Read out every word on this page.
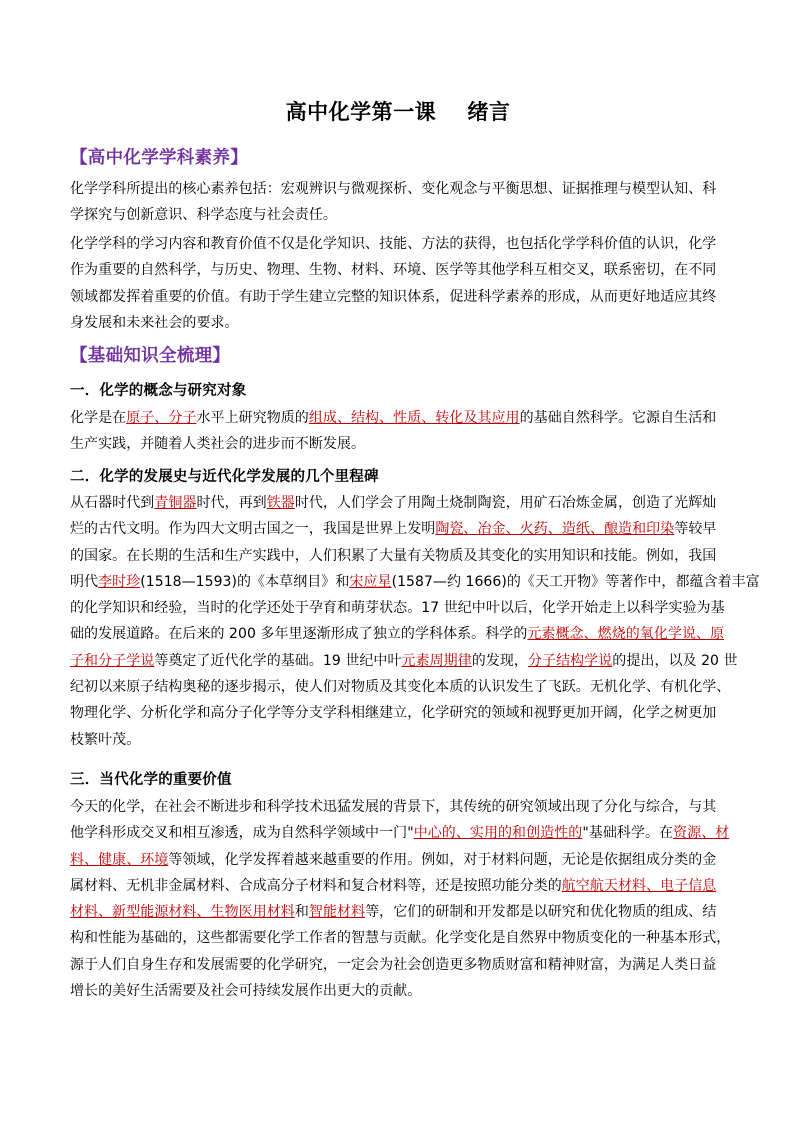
高中化学第一课    绪言
【高中化学学科素养】
化学学科所提出的核心素养包括：宏观辨识与微观探析、变化观念与平衡思想、证据推理与模型认知、科
学探究与创新意识、科学态度与社会责任。
化学学科的学习内容和教育价值不仅是化学知识、技能、方法的获得，也包括化学学科价值的认识，化学
作为重要的自然科学，与历史、物理、生物、材料、环境、医学等其他学科互相交叉，联系密切，在不同
领域都发挥着重要的价值。有助于学生建立完整的知识体系，促进科学素养的形成，从而更好地适应其终
身发展和未来社会的要求。
【基础知识全梳理】
一．化学的概念与研究对象
化学是在原子、分子水平上研究物质的组成、结构、性质、转化及其应用的基础自然科学。它源自生活和
生产实践，并随着人类社会的进步而不断发展。
二．化学的发展史与近代化学发展的几个里程碑
从石器时代到青铜器时代，再到铁器时代，人们学会了用陶土烧制陶瓷，用矿石冶炼金属，创造了光辉灿
烂的古代文明。作为四大文明古国之一，我国是世界上发明陶瓷、冶金、火药、造纸、酿造和印染等较早
的国家。在长期的生活和生产实践中，人们积累了大量有关物质及其变化的实用知识和技能。例如，我国
明代李时珍(1518—1593)的《本草纲目》和宋应星(1587—约 1666)的《天工开物》等著作中，都蕴含着丰富
的化学知识和经验，当时的化学还处于孕育和萌芽状态。17 世纪中叶以后，化学开始走上以科学实验为基
础的发展道路。在后来的 200 多年里逐渐形成了独立的学科体系。科学的元素概念、燃烧的氧化学说、原
子和分子学说等奠定了近代化学的基础。19 世纪中叶元素周期律的发现，分子结构学说的提出，以及 20 世
纪初以来原子结构奥秘的逐步揭示，使人们对物质及其变化本质的认识发生了飞跃。无机化学、有机化学、
物理化学、分析化学和高分子化学等分支学科相继建立，化学研究的领域和视野更加开阔，化学之树更加
枝繁叶茂。
三．当代化学的重要价值
今天的化学，在社会不断进步和科学技术迅猛发展的背景下，其传统的研究领域出现了分化与综合，与其
他学科形成交叉和相互渗透，成为自然科学领域中一门"中心的、实用的和创造性的"基础科学。在资源、材
料、健康、环境等领域，化学发挥着越来越重要的作用。例如，对于材料问题，无论是依据组成分类的金
属材料、无机非金属材料、合成高分子材料和复合材料等，还是按照功能分类的航空航天材料、电子信息
材料、新型能源材料、生物医用材料和智能材料等，它们的研制和开发都是以研究和优化物质的组成、结
构和性能为基础的，这些都需要化学工作者的智慧与贡献。化学变化是自然界中物质变化的一种基本形式，
源于人们自身生存和发展需要的化学研究，一定会为社会创造更多物质财富和精神财富，为满足人类日益
增长的美好生活需要及社会可持续发展作出更大的贡献。
